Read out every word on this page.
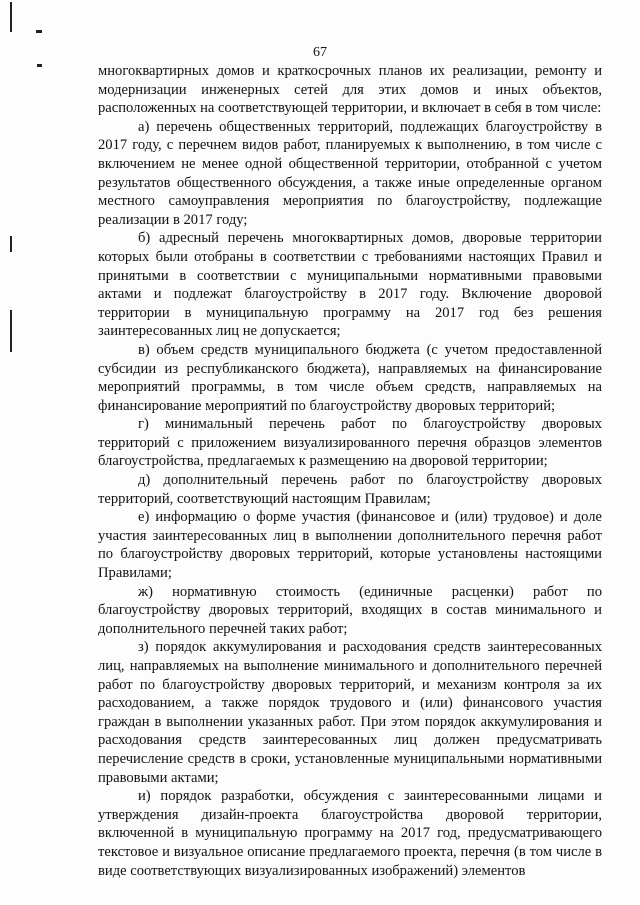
67

многоквартирных домов и краткосрочных планов их реализации, ремонту и модернизации инженерных сетей для этих домов и иных объектов, расположенных на соответствующей территории, и включает в себя в том числе:

а) перечень общественных территорий, подлежащих благоустройству в 2017 году, с перечнем видов работ, планируемых к выполнению, в том числе с включением не менее одной общественной территории, отобранной с учетом результатов общественного обсуждения, а также иные определенные органом местного самоуправления мероприятия по благоустройству, подлежащие реализации в 2017 году;

б) адресный перечень многоквартирных домов, дворовые территории которых были отобраны в соответствии с требованиями настоящих Правил и принятыми в соответствии с муниципальными нормативными правовыми актами и подлежат благоустройству в 2017 году. Включение дворовой территории в муниципальную программу на 2017 год без решения заинтересованных лиц не допускается;

в) объем средств муниципального бюджета (с учетом предоставленной субсидии из республиканского бюджета), направляемых на финансирование мероприятий программы, в том числе объем средств, направляемых на финансирование мероприятий по благоустройству дворовых территорий;

г) минимальный перечень работ по благоустройству дворовых территорий с приложением визуализированного перечня образцов элементов благоустройства, предлагаемых к размещению на дворовой территории;

д) дополнительный перечень работ по благоустройству дворовых территорий, соответствующий настоящим Правилам;

е) информацию о форме участия (финансовое и (или) трудовое) и доле участия заинтересованных лиц в выполнении дополнительного перечня работ по благоустройству дворовых территорий, которые установлены настоящими Правилами;

ж) нормативную стоимость (единичные расценки) работ по благоустройству дворовых территорий, входящих в состав минимального и дополнительного перечней таких работ;

з) порядок аккумулирования и расходования средств заинтересованных лиц, направляемых на выполнение минимального и дополнительного перечней работ по благоустройству дворовых территорий, и механизм контроля за их расходованием, а также порядок трудового и (или) финансового участия граждан в выполнении указанных работ. При этом порядок аккумулирования и расходования средств заинтересованных лиц должен предусматривать перечисление средств в сроки, установленные муниципальными нормативными правовыми актами;

и) порядок разработки, обсуждения с заинтересованными лицами и утверждения дизайн-проекта благоустройства дворовой территории, включенной в муниципальную программу на 2017 год, предусматривающего текстовое и визуальное описание предлагаемого проекта, перечня (в том числе в виде соответствующих визуализированных изображений) элементов
